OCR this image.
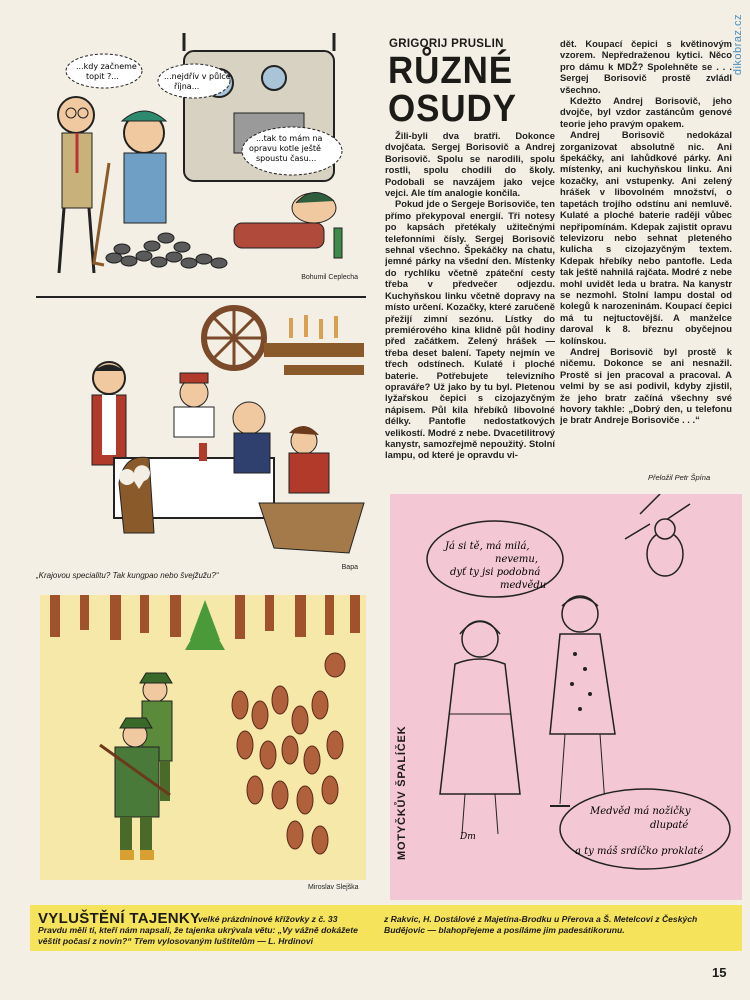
dikobraz.cz
...kdy začneme topit ?...	...nejdřív v půlce října...
...tak to mám na opravu kotle ještě spoustu času...
Bohumil Ceplecha
Bapa
„Krajovou specialitu? Tak kungpao nebo švejžužu?“
Miroslav Slejška
GRIGORIJ PRUSLIN
RŮZNÉ
OSUDY

Žili-byli dva bratři. Dokonce dvojčata. Sergej Borisovič a Andrej Borisovič. Spolu se narodili, spolu rostli, spolu chodili do školy. Podobali se navzájem jako vejce vejci. Ale tím analogie končila.

Pokud jde o Sergeje Borisoviče, ten přímo překypoval energií. Tři notesy po kapsách přetékaly užitečnými telefonními čísly. Sergej Borisovič sehnal všechno. Špekáčky na chatu, jemné párky na všední den. Místenky do rychlíku včetně zpáteční cesty třeba v předvečer odjezdu. Kuchyňskou linku včetně dopravy na místo určení. Kozačky, které zaručeně přežijí zimní sezónu. Lístky do premiérového kina klidně půl hodiny před začátkem. Zelený hrášek — třeba deset balení. Tapety nejmín ve třech odstínech. Kulaté i ploché baterie. Potřebujete televizního opraváře? Už jako by tu byl. Pletenou lyžařskou čepici s cizojazyčným nápisem. Půl kila hřebíků libovolné délky. Pantofle nedostatkových velikostí. Modré z nebe. Dvacetilitrový kanystr, samozřejmě nepoužitý. Stolní lampu, od které je opravdu vi-

dět. Koupací čepici s květinovým vzorem. Nepředraženou kytici. Něco pro dámu k MDŽ? Spolehněte se . . . Sergej Borisovič prostě zvládl všechno.

Kdežto Andrej Borisovič, jeho dvojče, byl vzdor zastáncům genové teorie jeho pravým opakem.

Andrej Borisovič nedokázal zorganizovat absolutně nic. Ani špekáčky, ani lahůdkové párky. Ani místenky, ani kuchyňskou linku. Ani kozačky, ani vstupenky. Ani zelený hrášek v libovolném množství, o tapetách trojího odstínu ani nemluvě. Kulaté a ploché baterie raději vůbec nepřipomínám. Kdepak zajistit opravu televizoru nebo sehnat pleteného kulicha s cizojazyčným textem. Kdepak hřebíky nebo pantofle. Leda tak ještě nahnilá rajčata. Modré z nebe mohl uvidět leda u bratra. Na kanystr se nezmohl. Stolní lampu dostal od kolegů k narozeninám. Koupací čepici má tu nejtuctovější. A manželce daroval k 8. březnu obyčejnou kolínskou.

Andrej Borisovič byl prostě k ničemu. Dokonce se ani nesnažil. Prostě si jen pracoval a pracoval. A velmi by se asi podivil, kdyby zjistil, že jeho bratr začíná všechny své hovory takhle: „Dobrý den, u telefonu je bratr Andreje Borisoviče . . .“

Přeložil Petr Špína
Já si tě, má milá, nevemu, dyť ty jsi podobná medvědu
Medvěd má nožičky dlupaté a ty máš srdíčko proklaté
Dm
MOTYČKŮV ŠPALÍČEK
VYLUŠTĚNÍ TAJENKY
velké prázdninové křížovky z č. 33
Pravdu měli ti, kteří nám napsali, že tajenka ukrývala větu: „Vy vážně dokážete věštit počasí z novin?“ Třem vylosovaným luštitelům — L. Hrdinovi
z Rakvic, H. Dostálové z Majetína-Brodku u Přerova a Š. Metelcovi z Českých Budějovic — blahopřejeme a posíláme jim padesátikorunu.
15
